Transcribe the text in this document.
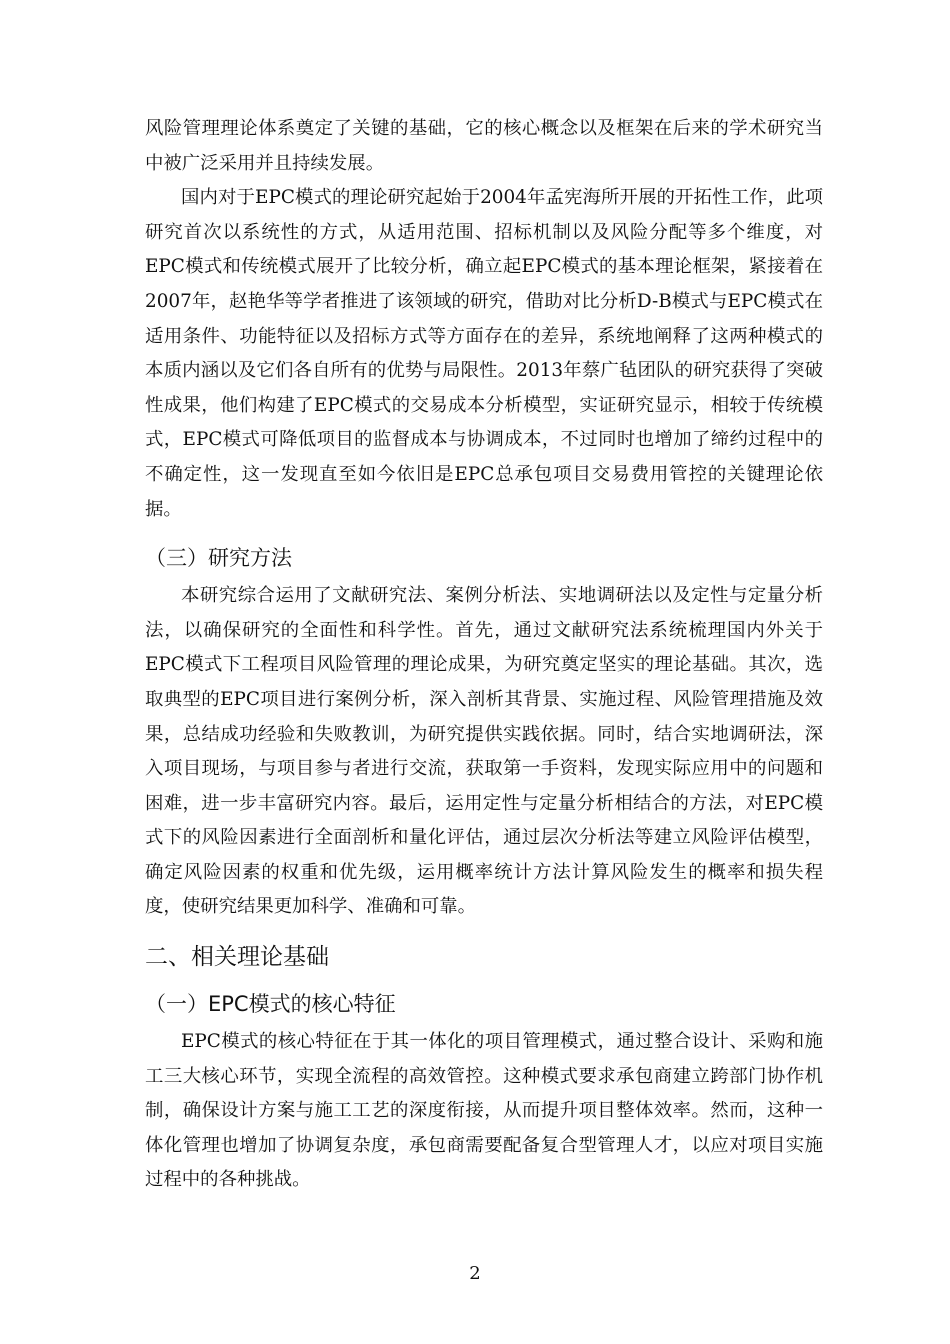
风险管理理论体系奠定了关键的基础，它的核心概念以及框架在后来的学术研究当中被广泛采用并且持续发展。

国内对于EPC模式的理论研究起始于2004年孟宪海所开展的开拓性工作，此项研究首次以系统性的方式，从适用范围、招标机制以及风险分配等多个维度，对EPC模式和传统模式展开了比较分析，确立起EPC模式的基本理论框架，紧接着在2007年，赵艳华等学者推进了该领域的研究，借助对比分析D-B模式与EPC模式在适用条件、功能特征以及招标方式等方面存在的差异，系统地阐释了这两种模式的本质内涵以及它们各自所有的优势与局限性。2013年蔡广毡团队的研究获得了突破性成果，他们构建了EPC模式的交易成本分析模型，实证研究显示，相较于传统模式，EPC模式可降低项目的监督成本与协调成本，不过同时也增加了缔约过程中的不确定性，这一发现直至如今依旧是EPC总承包项目交易费用管控的关键理论依据。

（三）研究方法

本研究综合运用了文献研究法、案例分析法、实地调研法以及定性与定量分析法，以确保研究的全面性和科学性。首先，通过文献研究法系统梳理国内外关于EPC模式下工程项目风险管理的理论成果，为研究奠定坚实的理论基础。其次，选取典型的EPC项目进行案例分析，深入剖析其背景、实施过程、风险管理措施及效果，总结成功经验和失败教训，为研究提供实践依据。同时，结合实地调研法，深入项目现场，与项目参与者进行交流，获取第一手资料，发现实际应用中的问题和困难，进一步丰富研究内容。最后，运用定性与定量分析相结合的方法，对EPC模式下的风险因素进行全面剖析和量化评估，通过层次分析法等建立风险评估模型，确定风险因素的权重和优先级，运用概率统计方法计算风险发生的概率和损失程度，使研究结果更加科学、准确和可靠。

二、相关理论基础
（一）EPC模式的核心特征

EPC模式的核心特征在于其一体化的项目管理模式，通过整合设计、采购和施工三大核心环节，实现全流程的高效管控。这种模式要求承包商建立跨部门协作机制，确保设计方案与施工工艺的深度衔接，从而提升项目整体效率。然而，这种一体化管理也增加了协调复杂度，承包商需要配备复合型管理人才，以应对项目实施过程中的各种挑战。

2
